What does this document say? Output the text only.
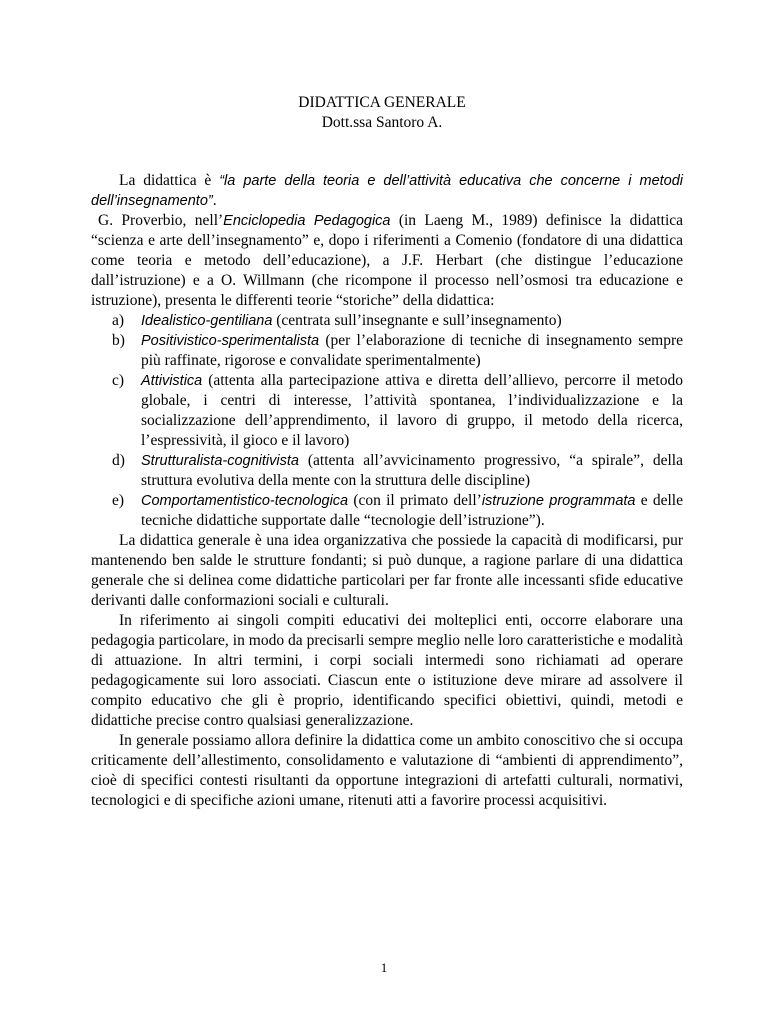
DIDATTICA GENERALE
Dott.ssa Santoro A.

La didattica è “la parte della teoria e dell’attività educativa che concerne i metodi dell’insegnamento”.

G. Proverbio, nell’Enciclopedia Pedagogica (in Laeng M., 1989) definisce la didattica “scienza e arte dell’insegnamento” e, dopo i riferimenti a Comenio (fondatore di una didattica come teoria e metodo dell’educazione), a J.F. Herbart (che distingue l’educazione dall’istruzione) e a O. Willmann (che ricompone il processo nell’osmosi tra educazione e istruzione), presenta le differenti teorie “storiche” della didattica:

a) Idealistico-gentiliana (centrata sull’insegnante e sull’insegnamento)
b) Positivistico-sperimentalista (per l’elaborazione di tecniche di insegnamento sempre più raffinate, rigorose e convalidate sperimentalmente)
c) Attivistica (attenta alla partecipazione attiva e diretta dell’allievo, percorre il metodo globale, i centri di interesse, l’attività spontanea, l’individualizzazione e la socializzazione dell’apprendimento, il lavoro di gruppo, il metodo della ricerca, l’espressività, il gioco e il lavoro)
d) Strutturalista-cognitivista (attenta all’avvicinamento progressivo, “a spirale”, della struttura evolutiva della mente con la struttura delle discipline)
e) Comportamentistico-tecnologica (con il primato dell’istruzione programmata e delle tecniche didattiche supportate dalle “tecnologie dell’istruzione”).

La didattica generale è una idea organizzativa che possiede la capacità di modificarsi, pur mantenendo ben salde le strutture fondanti; si può dunque, a ragione parlare di una didattica generale che si delinea come didattiche particolari per far fronte alle incessanti sfide educative derivanti dalle conformazioni sociali e culturali.

In riferimento ai singoli compiti educativi dei molteplici enti, occorre elaborare una pedagogia particolare, in modo da precisarli sempre meglio nelle loro caratteristiche e modalità di attuazione. In altri termini, i corpi sociali intermedi sono richiamati ad operare pedagogicamente sui loro associati. Ciascun ente o istituzione deve mirare ad assolvere il compito educativo che gli è proprio, identificando specifici obiettivi, quindi, metodi e didattiche precise contro qualsiasi generalizzazione.

In generale possiamo allora definire la didattica come un ambito conoscitivo che si occupa criticamente dell’allestimento, consolidamento e valutazione di “ambienti di apprendimento”, cioè di specifici contesti risultanti da opportune integrazioni di artefatti culturali, normativi, tecnologici e di specifiche azioni umane, ritenuti atti a favorire processi acquisitivi.

1
